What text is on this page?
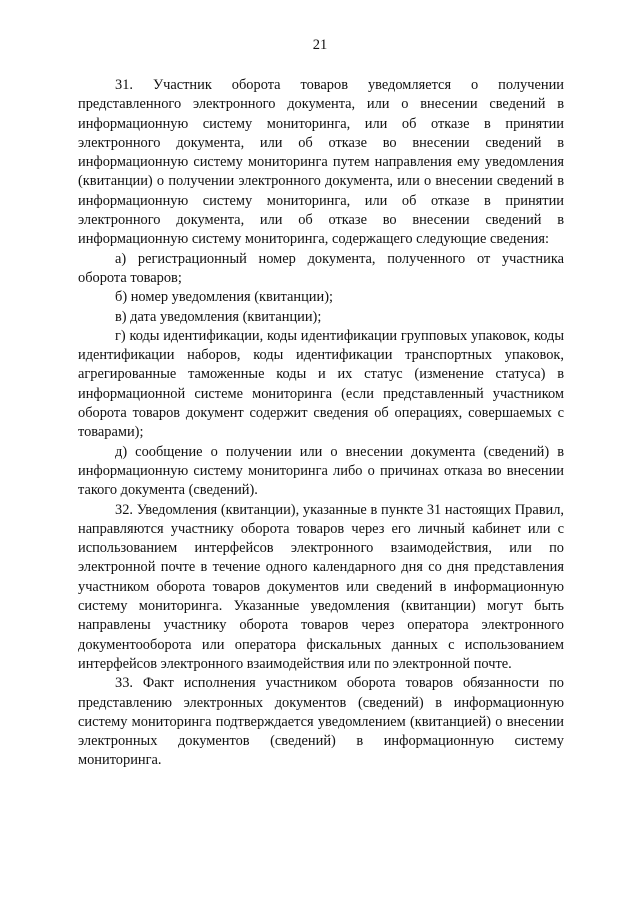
21

31. Участник оборота товаров уведомляется о получении представленного электронного документа, или о внесении сведений в информационную систему мониторинга, или об отказе в принятии электронного документа, или об отказе во внесении сведений в информационную систему мониторинга путем направления ему уведомления (квитанции) о получении электронного документа, или о внесении сведений в информационную систему мониторинга, или об отказе в принятии электронного документа, или об отказе во внесении сведений в информационную систему мониторинга, содержащего следующие сведения:

а) регистрационный номер документа, полученного от участника оборота товаров;

б) номер уведомления (квитанции);

в) дата уведомления (квитанции);

г) коды идентификации, коды идентификации групповых упаковок, коды идентификации наборов, коды идентификации транспортных упаковок, агрегированные таможенные коды и их статус (изменение статуса) в информационной системе мониторинга (если представленный участником оборота товаров документ содержит сведения об операциях, совершаемых с товарами);

д) сообщение о получении или о внесении документа (сведений) в информационную систему мониторинга либо о причинах отказа во внесении такого документа (сведений).

32. Уведомления (квитанции), указанные в пункте 31 настоящих Правил, направляются участнику оборота товаров через его личный кабинет или с использованием интерфейсов электронного взаимодействия, или по электронной почте в течение одного календарного дня со дня представления участником оборота товаров документов или сведений в информационную систему мониторинга. Указанные уведомления (квитанции) могут быть направлены участнику оборота товаров через оператора электронного документооборота или оператора фискальных данных с использованием интерфейсов электронного взаимодействия или по электронной почте.

33. Факт исполнения участником оборота товаров обязанности по представлению электронных документов (сведений) в информационную систему мониторинга подтверждается уведомлением (квитанцией) о внесении электронных документов (сведений) в информационную систему мониторинга.
